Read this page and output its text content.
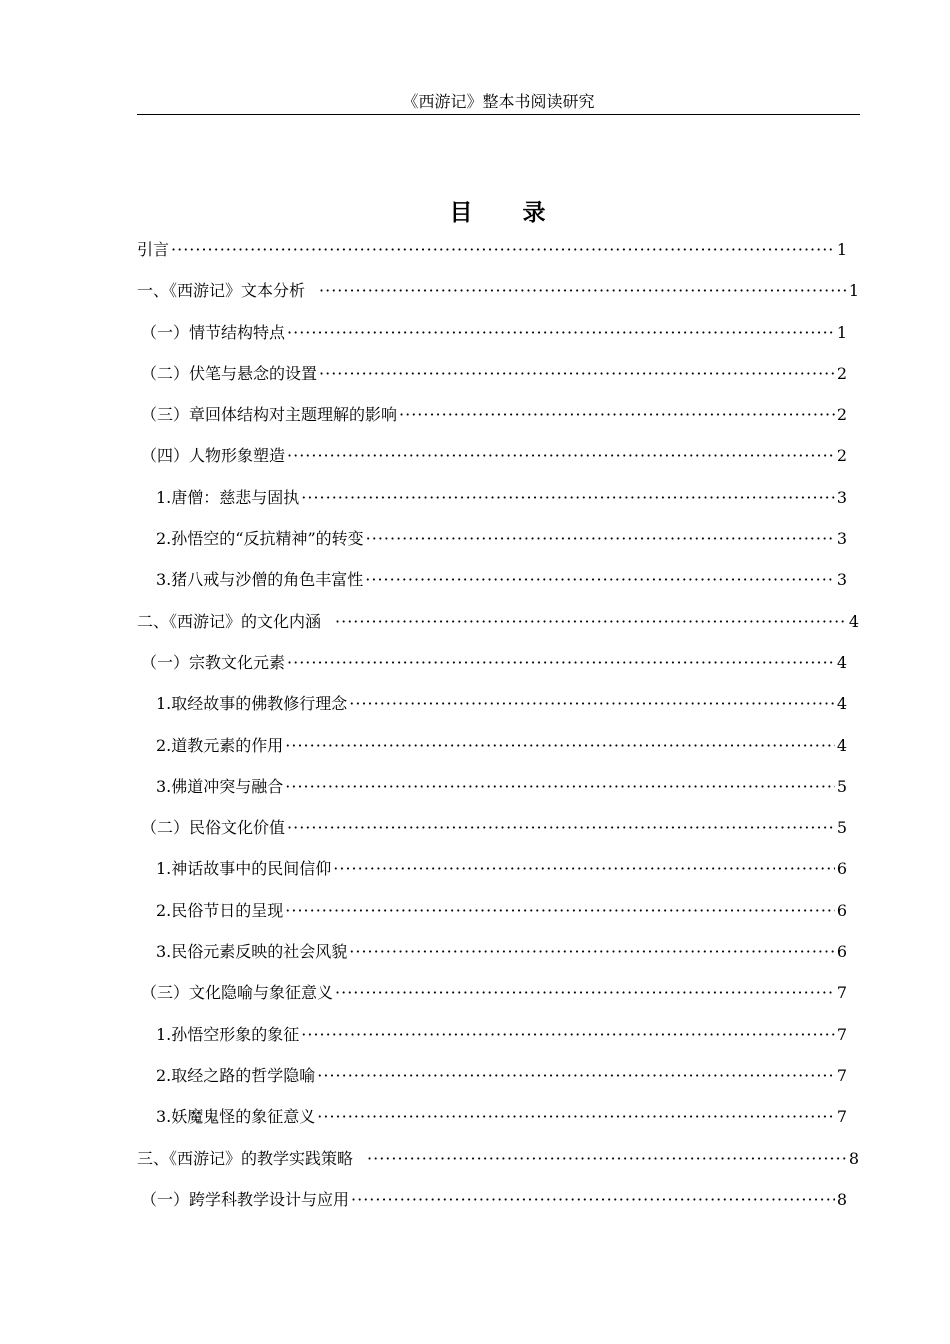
《西游记》整本书阅读研究
目 录
引言 ·····	1
一、《西游记》文本分析 ·····	1
（一）情节结构特点 ·····	1
（二）伏笔与悬念的设置 ·····	2
（三）章回体结构对主题理解的影响 ·····	2
（四）人物形象塑造 ·····	2
1.唐僧：慈悲与固执 ·····	3
2.孙悟空的“反抗精神”的转变 ·····	3
3.猪八戒与沙僧的角色丰富性 ·····	3
二、《西游记》的文化内涵 ·····	4
（一）宗教文化元素 ·····	4
1.取经故事的佛教修行理念 ·····	4
2.道教元素的作用 ·····	4
3.佛道冲突与融合 ·····	5
（二）民俗文化价值 ·····	5
1.神话故事中的民间信仰 ·····	6
2.民俗节日的呈现 ·····	6
3.民俗元素反映的社会风貌 ·····	6
（三）文化隐喻与象征意义 ·····	7
1.孙悟空形象的象征 ·····	7
2.取经之路的哲学隐喻 ·····	7
3.妖魔鬼怪的象征意义 ·····	7
三、《西游记》的教学实践策略 ·····	8
（一）跨学科教学设计与应用 ·····	8
